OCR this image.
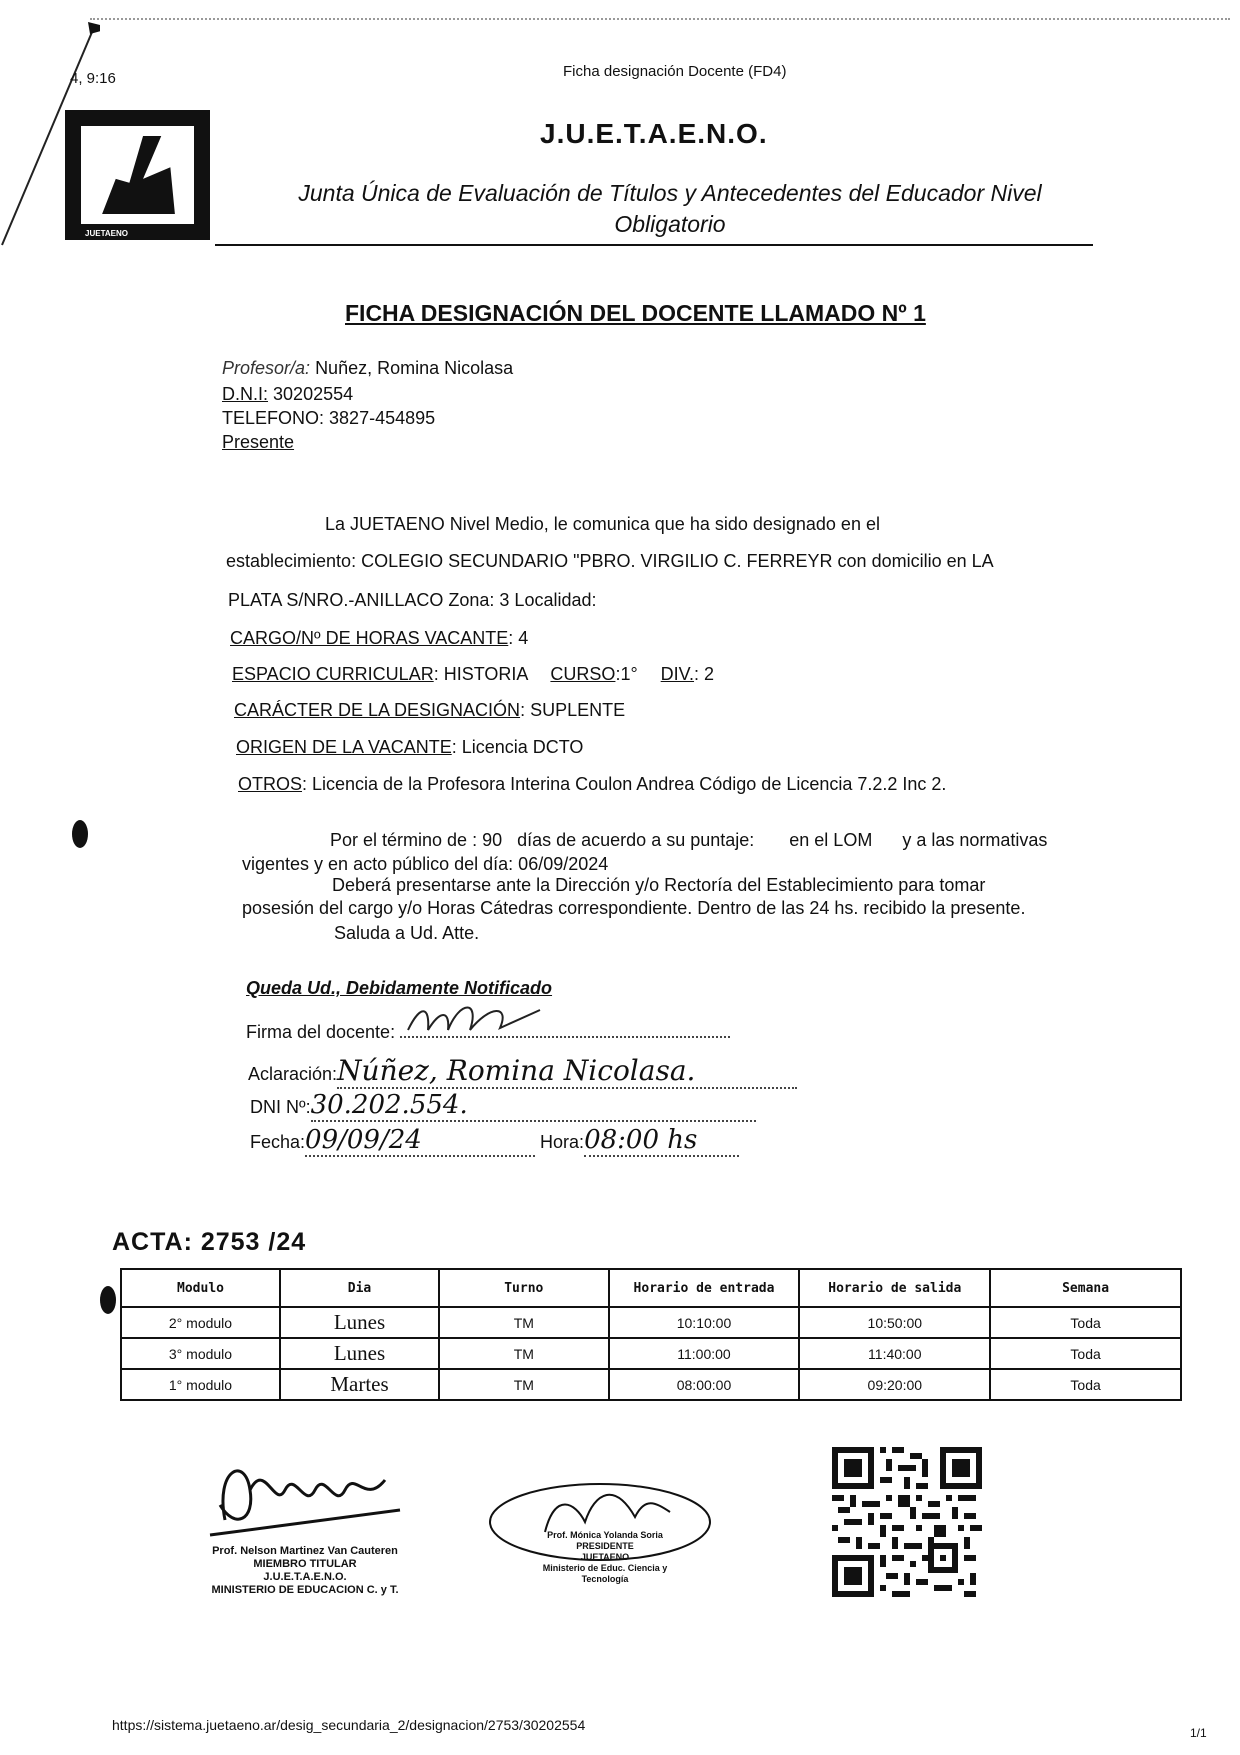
4, 9:16	Ficha designación Docente (FD4)
JUETAENO
J.U.E.T.A.E.N.O.
Junta Única de Evaluación de Títulos y Antecedentes del Educador Nivel
Obligatorio
FICHA DESIGNACIÓN DEL DOCENTE LLAMADO Nº 1
Profesor/a: Nuñez, Romina Nicolasa
D.N.I: 30202554
TELEFONO: 3827-454895
Presente
La JUETAENO Nivel Medio, le comunica que ha sido designado en el
establecimiento: COLEGIO SECUNDARIO "PBRO. VIRGILIO C. FERREYR con domicilio en LA
PLATA S/NRO.-ANILLACO Zona: 3 Localidad:
CARGO/Nº DE HORAS VACANTE: 4
ESPACIO CURRICULAR: HISTORIA CURSO:1° DIV.: 2
CARÁCTER DE LA DESIGNACIÓN: SUPLENTE
ORIGEN DE LA VACANTE: Licencia DCTO
OTROS: Licencia de la Profesora Interina Coulon Andrea Código de Licencia 7.2.2 Inc 2.
Por el término de : 90   días de acuerdo a su puntaje:       en el LOM      y a las normativas
vigentes y en acto público del día: 06/09/2024
Deberá presentarse ante la Dirección y/o Rectoría del Establecimiento para tomar
posesión del cargo y/o Horas Cátedras correspondiente. Dentro de las 24 hs. recibido la presente.
Saluda a Ud. Atte.
Queda Ud., Debidamente Notificado
Firma del docente:
Aclaración:Núñez, Romina Nicolasa.
DNI Nº:30.202.554.
Fecha:09/09/24	Hora:08:00 hs
ACTA: 2753 /24
Modulo	Dia	Turno	Horario de entrada	Horario de salida	Semana
2° modulo	Lunes	TM	10:10:00	10:50:00	Toda
3° modulo	Lunes	TM	11:00:00	11:40:00	Toda
1° modulo	Martes	TM	08:00:00	09:20:00	Toda
Prof. Nelson Martinez Van Cauteren
MIEMBRO TITULAR
J.U.E.T.A.E.N.O.
MINISTERIO DE EDUCACION C. y T.
Prof. Mónica Yolanda Soria
PRESIDENTE
JUETAENO
Ministerio de Educ. Ciencia y Tecnología
https://sistema.juetaeno.ar/desig_secundaria_2/designacion/2753/30202554	1/1
